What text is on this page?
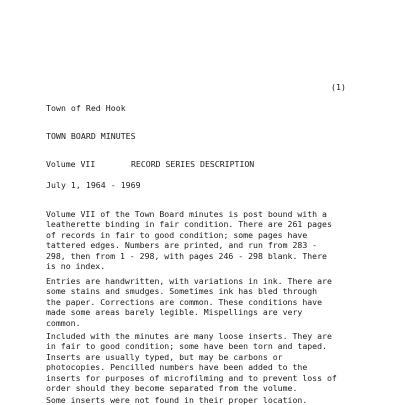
(1)
Town of Red Hook
TOWN BOARD MINUTES
Volume VII	RECORD SERIES DESCRIPTION
July 1, 1964 - 1969
Volume VII of the Town Board minutes is post bound with a
leatherette binding in fair condition. There are 261 pages
of records in fair to good condition; some pages have
tattered edges. Numbers are printed, and run from 283 -
298, then from 1 - 298, with pages 246 - 298 blank. There
is no index.
Entries are handwritten, with variations in ink. There are
some stains and smudges. Sometimes ink has bled through
the paper. Corrections are common. These conditions have
made some areas barely legible. Mispellings are very
common.
Included with the minutes are many loose inserts. They are
in fair to good condition; some have been torn and taped.
Inserts are usually typed, but may be carbons or
photocopies. Pencilled numbers have been added to the
inserts for purposes of microfilming and to prevent loss of
order should they become separated from the volume.
Some inserts were not found in their proper location.
